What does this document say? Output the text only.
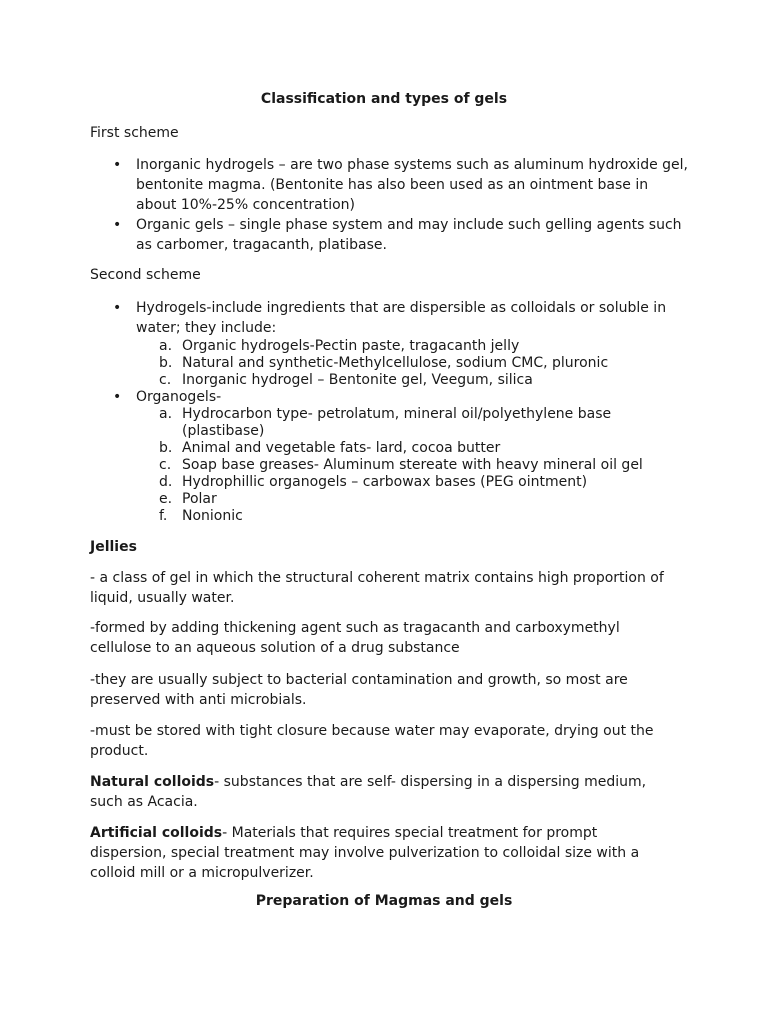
Classification and types of gels

First scheme

• Inorganic hydrogels – are two phase systems such as aluminum hydroxide gel, bentonite magma. (Bentonite has also been used as an ointment base in about 10%-25% concentration)
• Organic gels – single phase system and may include such gelling agents such as carbomer, tragacanth, platibase.

Second scheme

• Hydrogels-include ingredients that are dispersible as colloidals or soluble in water; they include:
a. Organic hydrogels-Pectin paste, tragacanth jelly
b. Natural and synthetic-Methylcellulose, sodium CMC, pluronic
c. Inorganic hydrogel – Bentonite gel, Veegum, silica
• Organogels-
a. Hydrocarbon type- petrolatum, mineral oil/polyethylene base (plastibase)
b. Animal and vegetable fats- lard, cocoa butter
c. Soap base greases- Aluminum stereate with heavy mineral oil gel
d. Hydrophillic organogels – carbowax bases (PEG ointment)
e. Polar
f. Nonionic

Jellies

- a class of gel in which the structural coherent matrix contains high proportion of liquid, usually water.

-formed by adding thickening agent such as tragacanth and carboxymethyl cellulose to an aqueous solution of a drug substance

-they are usually subject to bacterial contamination and growth, so most are preserved with anti microbials.

-must be stored with tight closure because water may evaporate, drying out the product.

Natural colloids- substances that are self- dispersing in a dispersing medium, such as Acacia.

Artificial colloids- Materials that requires special treatment for prompt dispersion, special treatment may involve pulverization to colloidal size with a colloid mill or a micropulverizer.

Preparation of Magmas and gels
